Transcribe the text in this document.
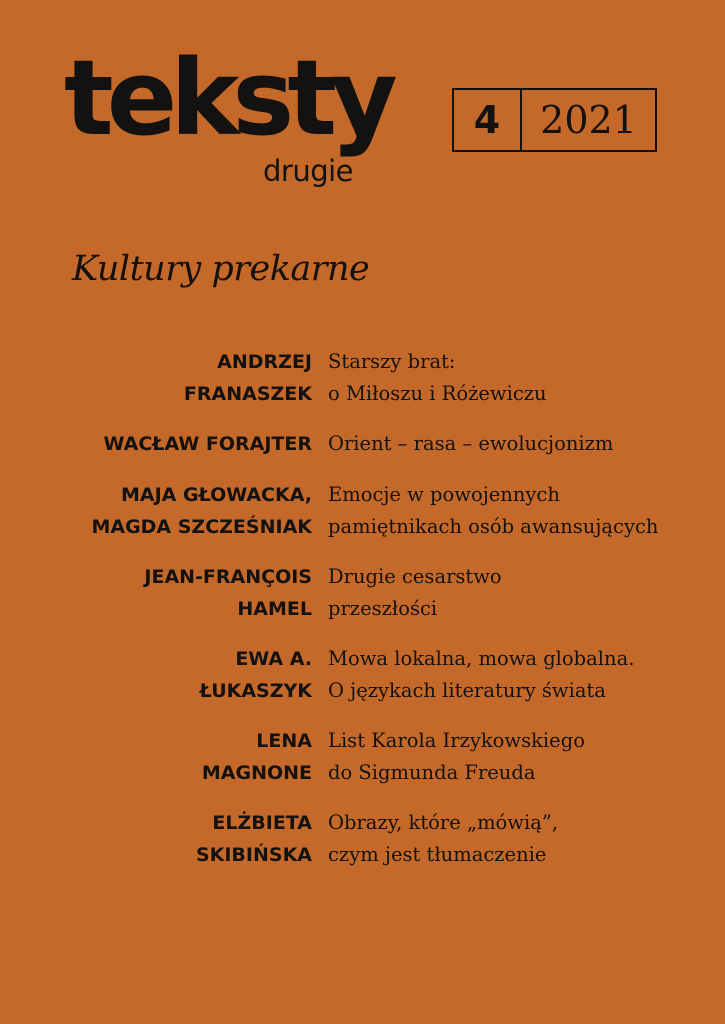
teksty
drugie
4	2021
Kultury prekarne
ANDRZEJ
FRANASZEK
Starszy brat:
o Miłoszu i Różewiczu
WACŁAW FORAJTER Orient – rasa – ewolucjonizm
MAJA GŁOWACKA,
MAGDA SZCZEŚNIAK
Emocje w powojennych
pamiętnikach osób awansujących
JEAN-FRANÇOIS
HAMEL
Drugie cesarstwo
przeszłości
EWA A.
ŁUKASZYK
Mowa lokalna, mowa globalna.
O językach literatury świata
LENA
MAGNONE
List Karola Irzykowskiego
do Sigmunda Freuda
ELŻBIETA
SKIBIŃSKA
Obrazy, które „mówią”,
czym jest tłumaczenie
